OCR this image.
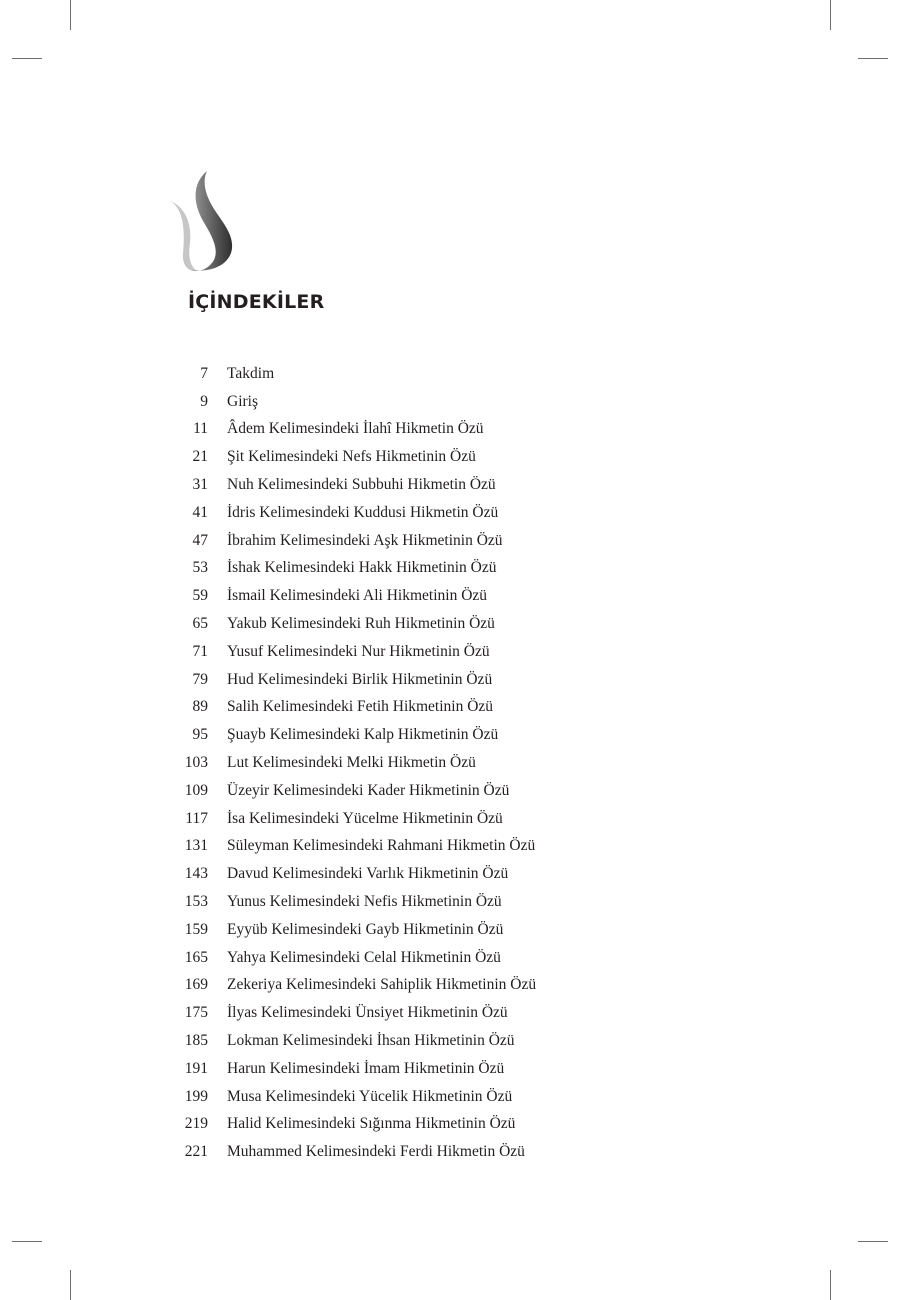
İÇİNDEKİLER
7 Takdim
9 Giriş
11 Âdem Kelimesindeki İlahî Hikmetin Özü
21 Şit Kelimesindeki Nefs Hikmetinin Özü
31 Nuh Kelimesindeki Subbuhi Hikmetin Özü
41 İdris Kelimesindeki Kuddusi Hikmetin Özü
47 İbrahim Kelimesindeki Aşk Hikmetinin Özü
53 İshak Kelimesindeki Hakk Hikmetinin Özü
59 İsmail Kelimesindeki Ali Hikmetinin Özü
65 Yakub Kelimesindeki Ruh Hikmetinin Özü
71 Yusuf Kelimesindeki Nur Hikmetinin Özü
79 Hud Kelimesindeki Birlik Hikmetinin Özü
89 Salih Kelimesindeki Fetih Hikmetinin Özü
95 Şuayb Kelimesindeki Kalp Hikmetinin Özü
103 Lut Kelimesindeki Melki Hikmetin Özü
109 Üzeyir Kelimesindeki Kader Hikmetinin Özü
117 İsa Kelimesindeki Yücelme Hikmetinin Özü
131 Süleyman Kelimesindeki Rahmani Hikmetin Özü
143 Davud Kelimesindeki Varlık Hikmetinin Özü
153 Yunus Kelimesindeki Nefis Hikmetinin Özü
159 Eyyüb Kelimesindeki Gayb Hikmetinin Özü
165 Yahya Kelimesindeki Celal Hikmetinin Özü
169 Zekeriya Kelimesindeki Sahiplik Hikmetinin Özü
175 İlyas Kelimesindeki Ünsiyet Hikmetinin Özü
185 Lokman Kelimesindeki İhsan Hikmetinin Özü
191 Harun Kelimesindeki İmam Hikmetinin Özü
199 Musa Kelimesindeki Yücelik Hikmetinin Özü
219 Halid Kelimesindeki Sığınma Hikmetinin Özü
221 Muhammed Kelimesindeki Ferdi Hikmetin Özü
